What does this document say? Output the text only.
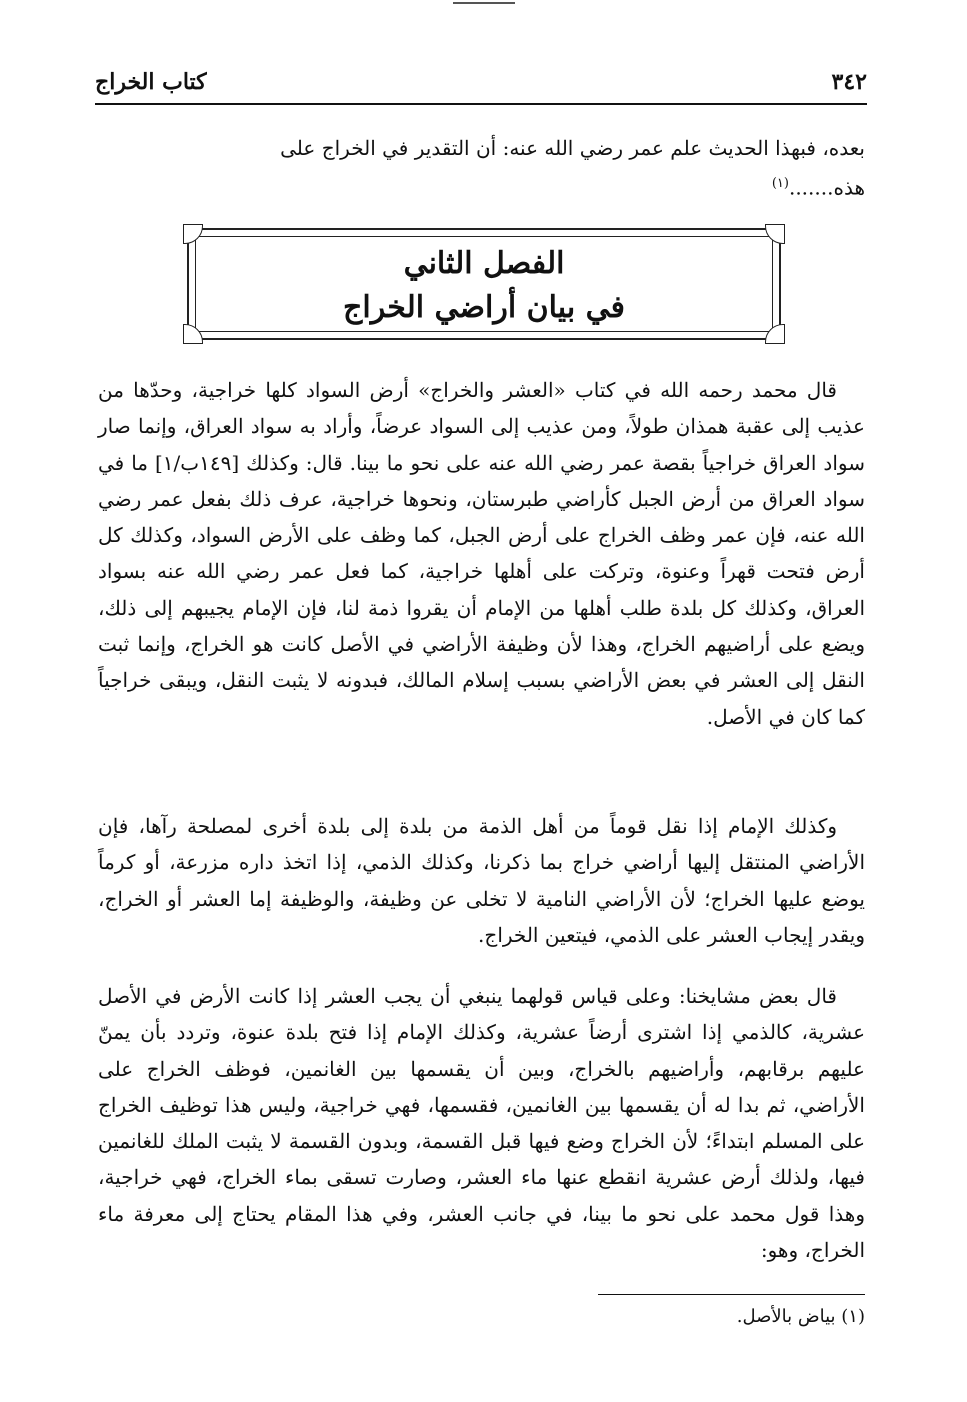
٣٤٢
كتاب الخراج
بعده، فبهذا الحديث علم عمر رضي الله عنه: أن التقدير في الخراج على
هذه.......$^{(١)}$
الفصل الثاني
في بيان أراضي الخراج

قال محمد رحمه الله في كتاب «العشر والخراج» أرض السواد كلها خراجية، وحدّها من عذيب إلى عقبة همذان طولاً، ومن عذيب إلى السواد عرضاً، وأراد به سواد العراق، وإنما صار سواد العراق خراجياً بقصة عمر رضي الله عنه على نحو ما بينا. قال: وكذلك [١٤٩ب/١] ما في سواد العراق من أرض الجبل كأراضي طبرستان، ونحوها خراجية، عرف ذلك بفعل عمر رضي الله عنه، فإن عمر وظف الخراج على أرض الجبل، كما وظف على الأرض السواد، وكذلك كل أرض فتحت قهراً وعنوة، وتركت على أهلها خراجية، كما فعل عمر رضي الله عنه بسواد العراق، وكذلك كل بلدة طلب أهلها من الإمام أن يقروا ذمة لنا، فإن الإمام يجيبهم إلى ذلك، ويضع على أراضيهم الخراج، وهذا لأن وظيفة الأراضي في الأصل كانت هو الخراج، وإنما ثبت النقل إلى العشر في بعض الأراضي بسبب إسلام المالك، فبدونه لا يثبت النقل، ويبقى خراجياً كما كان في الأصل.

وكذلك الإمام إذا نقل قوماً من أهل الذمة من بلدة إلى بلدة أخرى لمصلحة رآها، فإن الأراضي المنتقل إليها أراضي خراج بما ذكرنا، وكذلك الذمي، إذا اتخذ داره مزرعة، أو كرماً يوضع عليها الخراج؛ لأن الأراضي النامية لا تخلى عن وظيفة، والوظيفة إما العشر أو الخراج، ويقدر إيجاب العشر على الذمي، فيتعين الخراج.

قال بعض مشايخنا: وعلى قياس قولهما ينبغي أن يجب العشر إذا كانت الأرض في الأصل عشرية، كالذمي إذا اشترى أرضاً عشرية، وكذلك الإمام إذا فتح بلدة عنوة، وتردد بأن يمنّ عليهم برقابهم، وأراضيهم بالخراج، وبين أن يقسمها بين الغانمين، فوظف الخراج على الأراضي، ثم بدا له أن يقسمها بين الغانمين، فقسمها، فهي خراجية، وليس هذا توظيف الخراج على المسلم ابتداءً؛ لأن الخراج وضع فيها قبل القسمة، وبدون القسمة لا يثبت الملك للغانمين فيها، ولذلك أرض عشرية انقطع عنها ماء العشر، وصارت تسقى بماء الخراج، فهي خراجية، وهذا قول محمد على نحو ما بينا، في جانب العشر، وفي هذا المقام يحتاج إلى معرفة ماء الخراج، وهو:

(١) بياض بالأصل.
